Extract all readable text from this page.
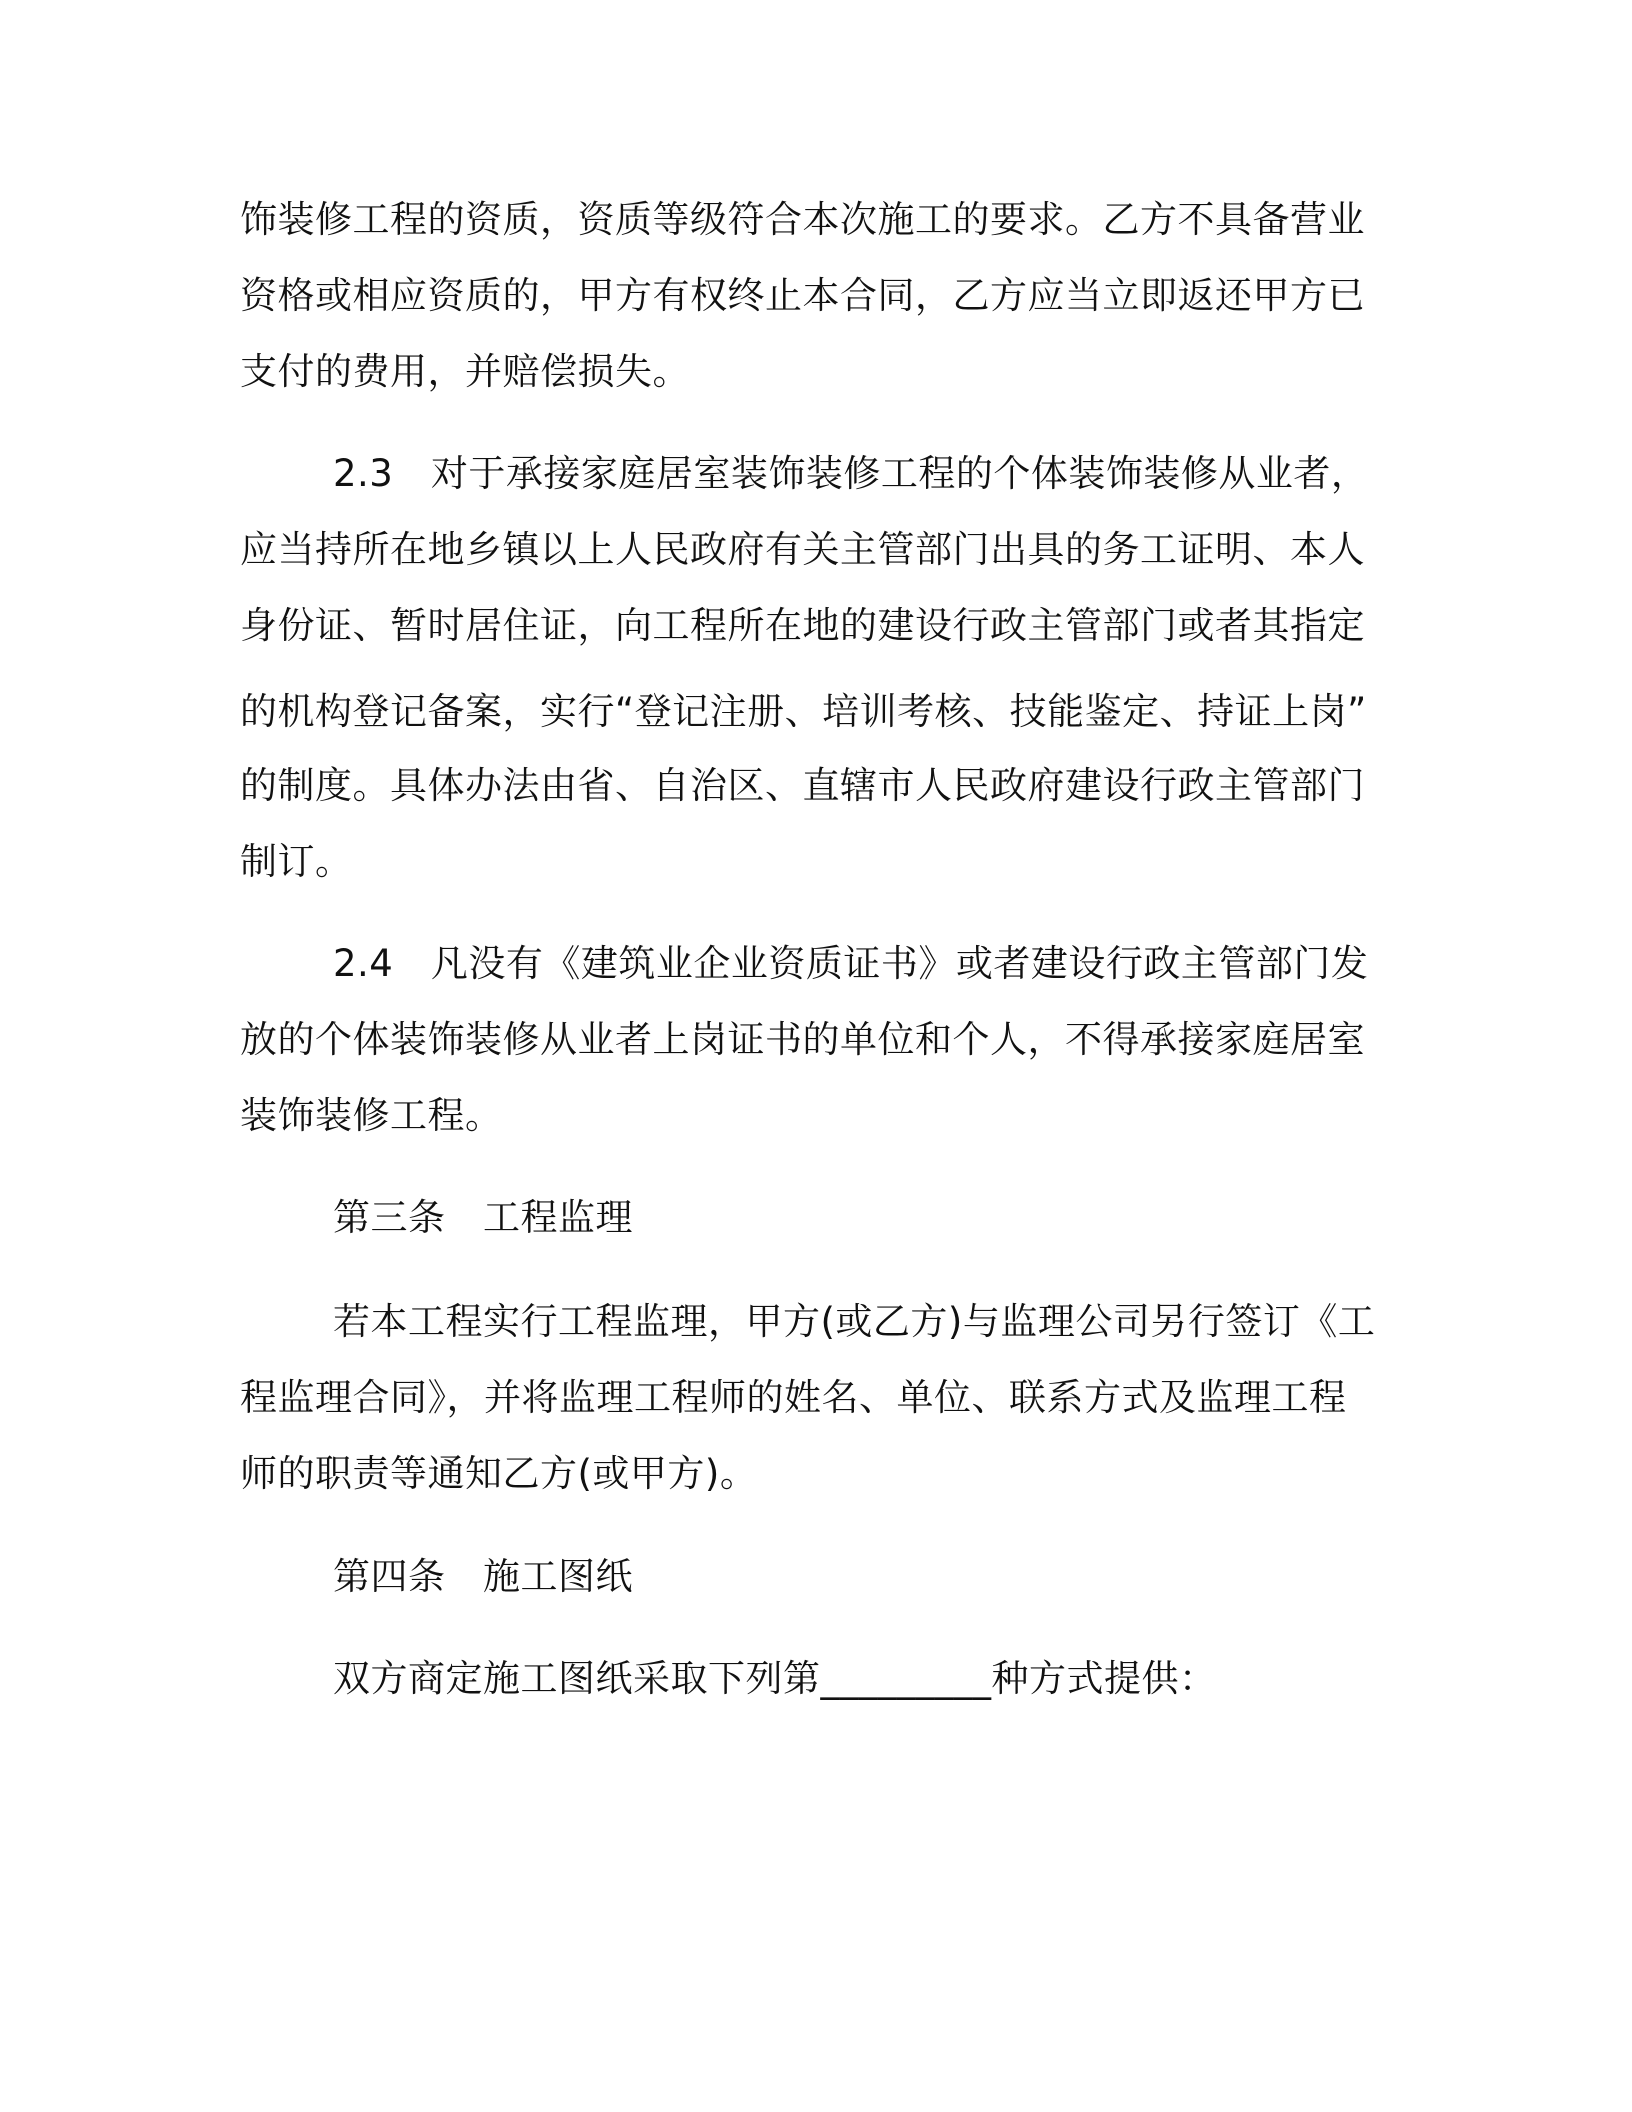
饰装修工程的资质，资质等级符合本次施工的要求。乙方不具备营业
资格或相应资质的，甲方有权终止本合同，乙方应当立即返还甲方已
支付的费用，并赔偿损失。
2.3　对于承接家庭居室装饰装修工程的个体装饰装修从业者，
应当持所在地乡镇以上人民政府有关主管部门出具的务工证明、本人
身份证、暂时居住证，向工程所在地的建设行政主管部门或者其指定
的机构登记备案，实行“登记注册、培训考核、技能鉴定、持证上岗”
的制度。具体办法由省、自治区、直辖市人民政府建设行政主管部门
制订。
2.4　凡没有《建筑业企业资质证书》或者建设行政主管部门发
放的个体装饰装修从业者上岗证书的单位和个人，不得承接家庭居室
装饰装修工程。
第三条　工程监理
若本工程实行工程监理，甲方(或乙方)与监理公司另行签订《工
程监理合同》，并将监理工程师的姓名、单位、联系方式及监理工程
师的职责等通知乙方(或甲方)。
第四条　施工图纸
双方商定施工图纸采取下列第_________种方式提供：
